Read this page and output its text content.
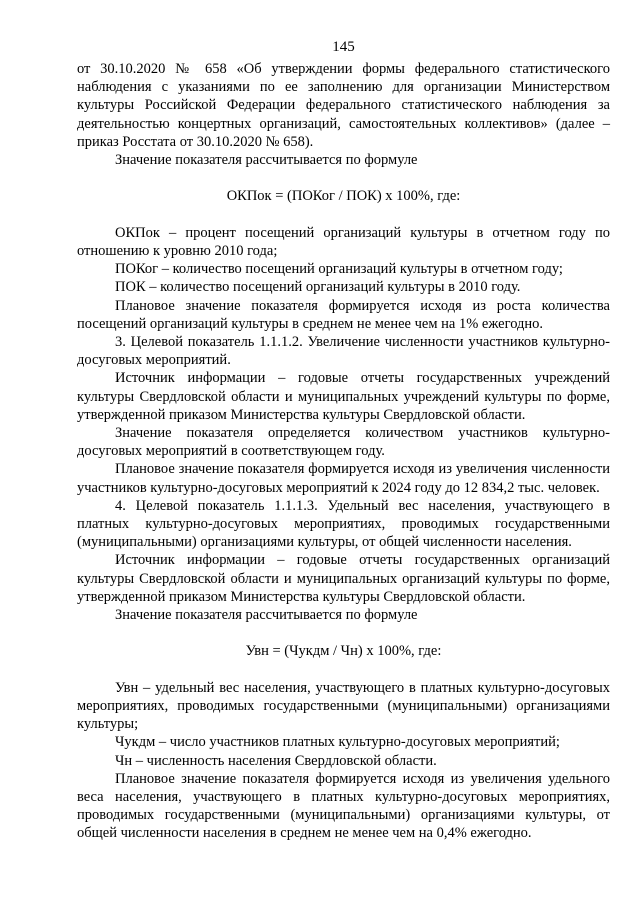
145

от 30.10.2020 № 658 «Об утверждении формы федерального статистического наблюдения с указаниями по ее заполнению для организации Министерством культуры Российской Федерации федерального статистического наблюдения за деятельностью концертных организаций, самостоятельных коллективов» (далее – приказ Росстата от 30.10.2020 № 658).

Значение показателя рассчитывается по формуле

ОКПок = (ПОКог / ПОК) х 100%, где:

ОКПок – процент посещений организаций культуры в отчетном году по отношению к уровню 2010 года;

ПОКог – количество посещений организаций культуры в отчетном году;

ПОК – количество посещений организаций культуры в 2010 году.

Плановое значение показателя формируется исходя из роста количества посещений организаций культуры в среднем не менее чем на 1% ежегодно.

3. Целевой показатель 1.1.1.2. Увеличение численности участников культурно-досуговых мероприятий.

Источник информации – годовые отчеты государственных учреждений культуры Свердловской области и муниципальных учреждений культуры по форме, утвержденной приказом Министерства культуры Свердловской области.

Значение показателя определяется количеством участников культурно-досуговых мероприятий в соответствующем году.

Плановое значение показателя формируется исходя из увеличения численности участников культурно-досуговых мероприятий к 2024 году до 12 834,2 тыс. человек.

4. Целевой показатель 1.1.1.3. Удельный вес населения, участвующего в платных культурно-досуговых мероприятиях, проводимых государственными (муниципальными) организациями культуры, от общей численности населения.

Источник информации – годовые отчеты государственных организаций культуры Свердловской области и муниципальных организаций культуры по форме, утвержденной приказом Министерства культуры Свердловской области.

Значение показателя рассчитывается по формуле

Увн = (Чукдм / Чн) х 100%, где:

Увн – удельный вес населения, участвующего в платных культурно-досуговых мероприятиях, проводимых государственными (муниципальными) организациями культуры;

Чукдм – число участников платных культурно-досуговых мероприятий;

Чн – численность населения Свердловской области.

Плановое значение показателя формируется исходя из увеличения удельного веса населения, участвующего в платных культурно-досуговых мероприятиях, проводимых государственными (муниципальными) организациями культуры, от общей численности населения в среднем не менее чем на 0,4% ежегодно.
